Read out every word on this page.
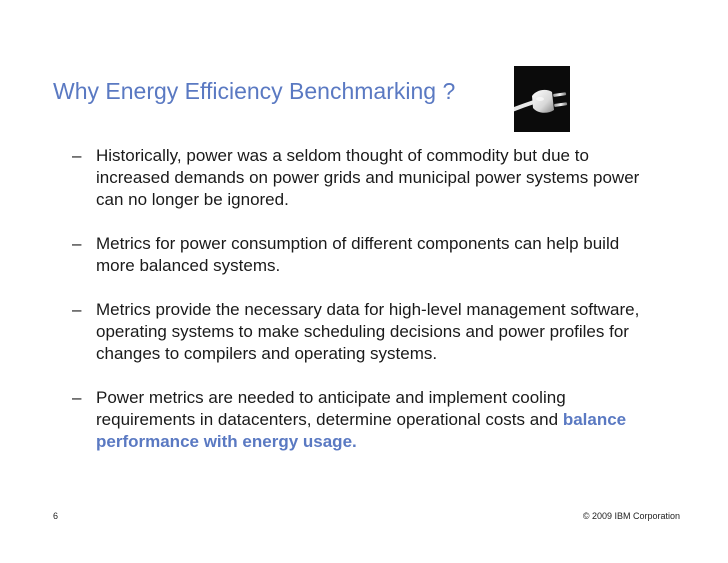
Why Energy Efficiency Benchmarking ?
– Historically, power was a seldom thought of commodity but due to increased demands on power grids and municipal power systems power can no longer be ignored.
– Metrics for power consumption of different components can help build more balanced systems.
– Metrics provide the necessary data for high-level management software, operating systems to make scheduling decisions and power profiles for changes to compilers and operating systems.
– Power metrics are needed to anticipate and implement cooling requirements in datacenters, determine operational costs and balance performance with energy usage.
6	© 2009 IBM Corporation
